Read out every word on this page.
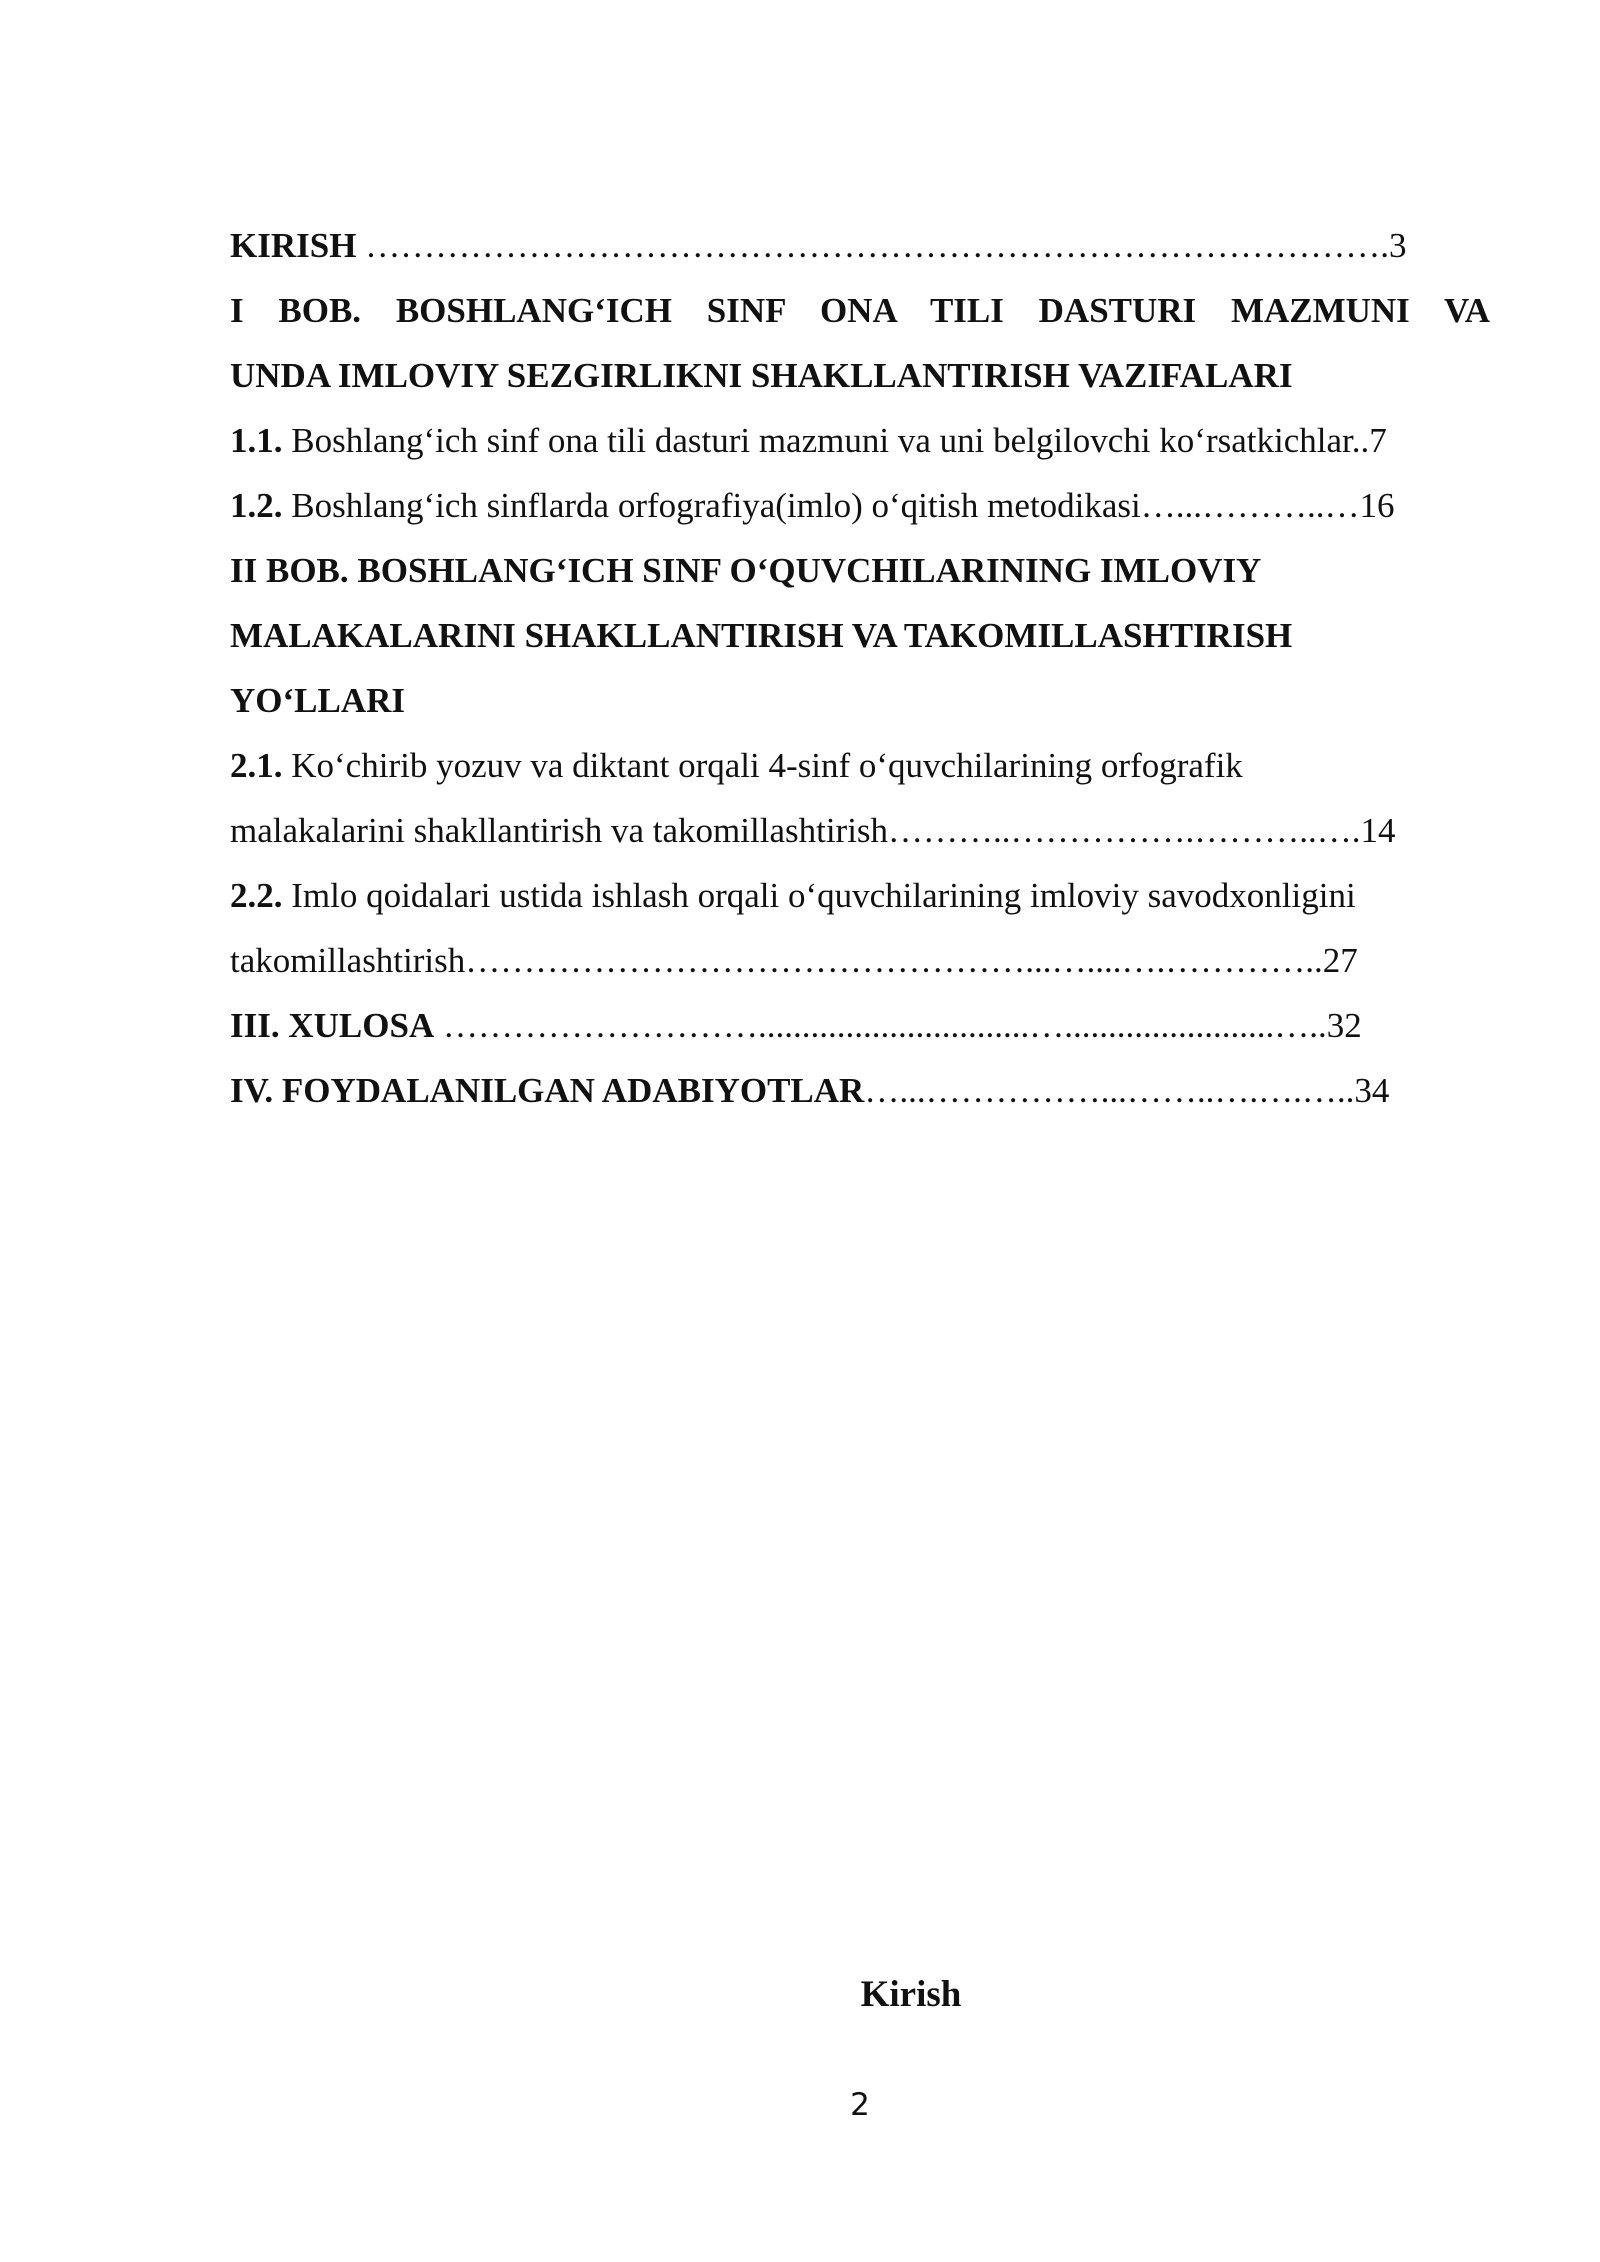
KIRISH …………………………………………………………………………….3
I BOB. BOSHLANG‘ICH SINF ONA TILI DASTURI MAZMUNI VA
UNDA IMLOVIY SEZGIRLIKNI SHAKLLANTIRISH VAZIFALARI
1.1. Boshlang‘ich sinf ona tili dasturi mazmuni va uni belgilovchi ko‘rsatkichlar..7
1.2. Boshlang‘ich sinflarda orfografiya(imlo) o‘qitish metodikasi…...………..…16
II BOB. BOSHLANG‘ICH SINF O‘QUVCHILARINING IMLOVIY
MALAKALARINI SHAKLLANTIRISH VA TAKOMILLASHTIRISH
YO‘LLARI
2.1. Ko‘chirib yozuv va diktant orqali 4-sinf o‘quvchilarining orfografik
malakalarini shakllantirish va takomillashtirish………..…………….………..….14
2.2. Imlo qoidalari ustida ishlash orqali o‘quvchilarining imloviy savodxonligini
takomillashtirish…………………………………………...…....….…………..27
III. XULOSA ………………………...............................…........................…..32
IV. FOYDALANILGAN ADABIYOTLAR…...……………...……..….….…..34
Kirish
2
